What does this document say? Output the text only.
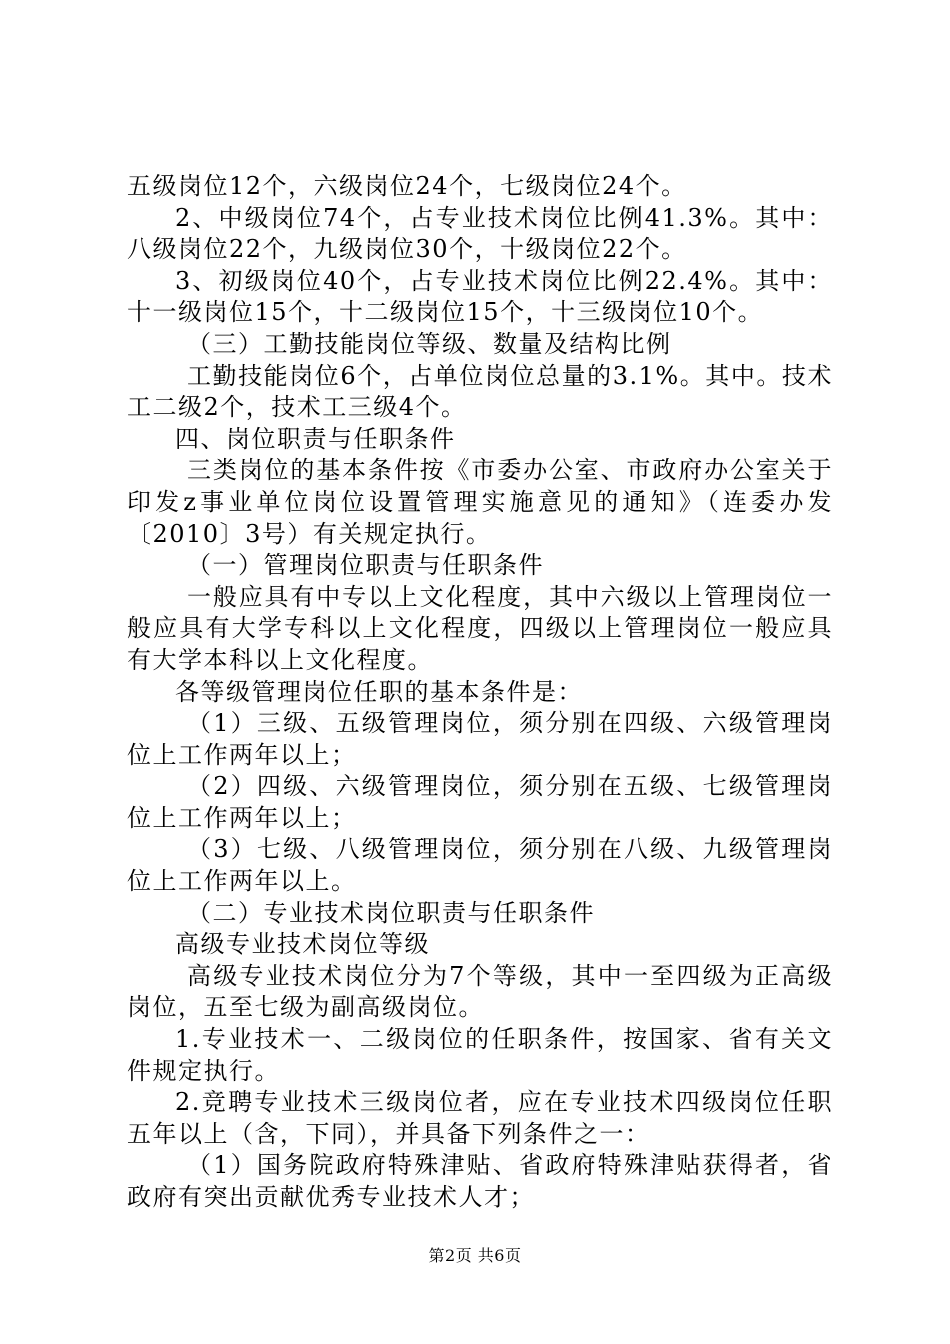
五级岗位12个，六级岗位24个，七级岗位24个。

2、中级岗位74个，占专业技术岗位比例41.3%。其中：八级岗位22个，九级岗位30个，十级岗位22个。

3、初级岗位40个，占专业技术岗位比例22.4%。其中：十一级岗位15个，十二级岗位15个，十三级岗位10个。

（三）工勤技能岗位等级、数量及结构比例

工勤技能岗位6个，占单位岗位总量的3.1%。其中。技术工二级2个，技术工三级4个。

四、岗位职责与任职条件

三类岗位的基本条件按《市委办公室、市政府办公室关于印发z事业单位岗位设置管理实施意见的通知》（连委办发〔2010〕3号）有关规定执行。

（一）管理岗位职责与任职条件

一般应具有中专以上文化程度，其中六级以上管理岗位一般应具有大学专科以上文化程度，四级以上管理岗位一般应具有大学本科以上文化程度。

各等级管理岗位任职的基本条件是：

（1）三级、五级管理岗位，须分别在四级、六级管理岗位上工作两年以上；

（2）四级、六级管理岗位，须分别在五级、七级管理岗位上工作两年以上；

（3）七级、八级管理岗位，须分别在八级、九级管理岗位上工作两年以上。

（二）专业技术岗位职责与任职条件

高级专业技术岗位等级

高级专业技术岗位分为7个等级，其中一至四级为正高级岗位，五至七级为副高级岗位。

1.专业技术一、二级岗位的任职条件，按国家、省有关文件规定执行。

2.竞聘专业技术三级岗位者，应在专业技术四级岗位任职五年以上（含，下同），并具备下列条件之一：

（1）国务院政府特殊津贴、省政府特殊津贴获得者，省政府有突出贡献优秀专业技术人才；

第2页 共6页
